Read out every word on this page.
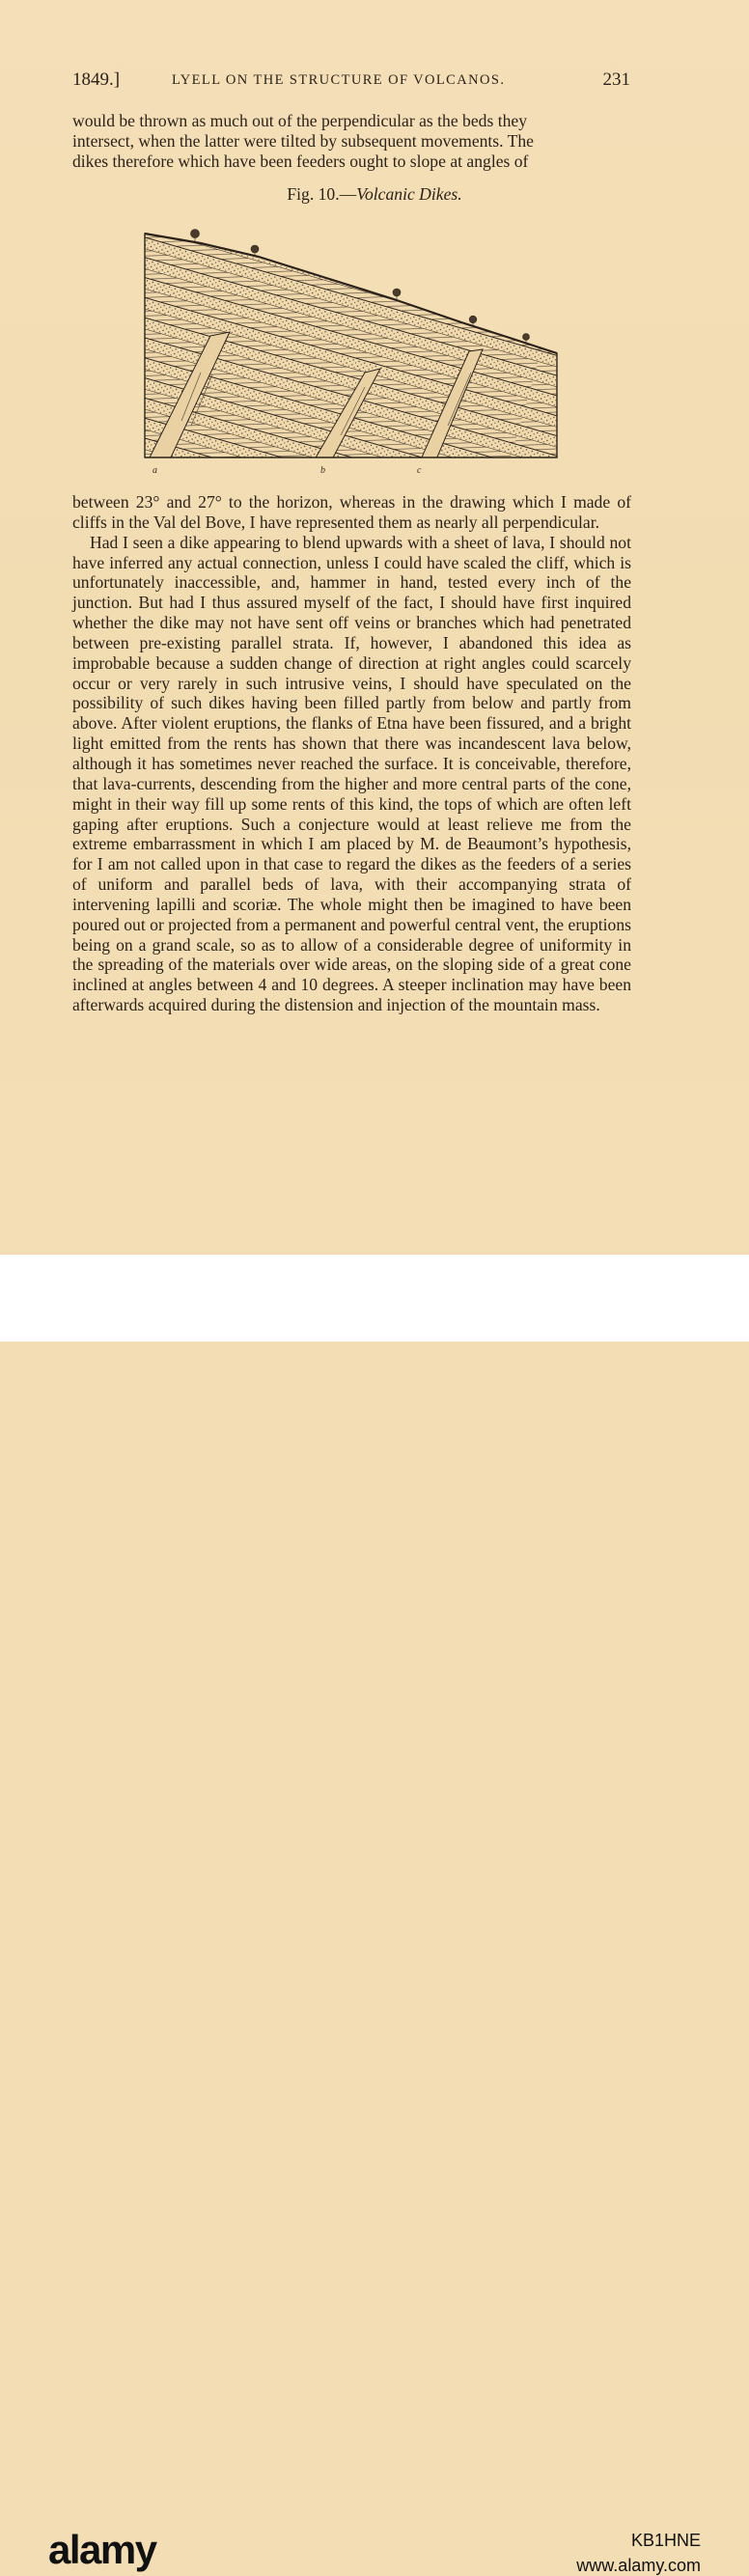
1849.]	LYELL ON THE STRUCTURE OF VOLCANOS.	231

would be thrown as much out of the perpendicular as the beds they

intersect, when the latter were tilted by subsequent movements. The

dikes therefore which have been feeders ought to slope at angles of

Fig. 10.—Volcanic Dikes.
a	b	c

between 23° and 27° to the horizon, whereas in the drawing which I made of cliffs in the Val del Bove, I have represented them as nearly all perpendicular.

Had I seen a dike appearing to blend upwards with a sheet of lava, I should not have inferred any actual connection, unless I could have scaled the cliff, which is unfortunately inaccessible, and, hammer in hand, tested every inch of the junction. But had I thus assured myself of the fact, I should have first inquired whether the dike may not have sent off veins or branches which had penetrated between pre-existing parallel strata. If, however, I abandoned this idea as improbable because a sudden change of direction at right angles could scarcely occur or very rarely in such intrusive veins, I should have speculated on the possibility of such dikes having been filled partly from below and partly from above. After violent eruptions, the flanks of Etna have been fissured, and a bright light emitted from the rents has shown that there was incandescent lava below, although it has sometimes never reached the surface. It is conceivable, therefore, that lava-currents, descending from the higher and more central parts of the cone, might in their way fill up some rents of this kind, the tops of which are often left gaping after eruptions. Such a conjecture would at least relieve me from the extreme embarrassment in which I am placed by M. de Beaumont’s hypothesis, for I am not called upon in that case to regard the dikes as the feeders of a series of uniform and parallel beds of lava, with their accompanying strata of intervening lapilli and scoriæ. The whole might then be imagined to have been poured out or projected from a permanent and powerful central vent, the eruptions being on a grand scale, so as to allow of a considerable degree of uniformity in the spreading of the materials over wide areas, on the sloping side of a great cone inclined at angles between 4 and 10 degrees. A steeper inclination may have been afterwards acquired during the distension and injection of the mountain mass.

alamy	KB1HNE
www.alamy.com
